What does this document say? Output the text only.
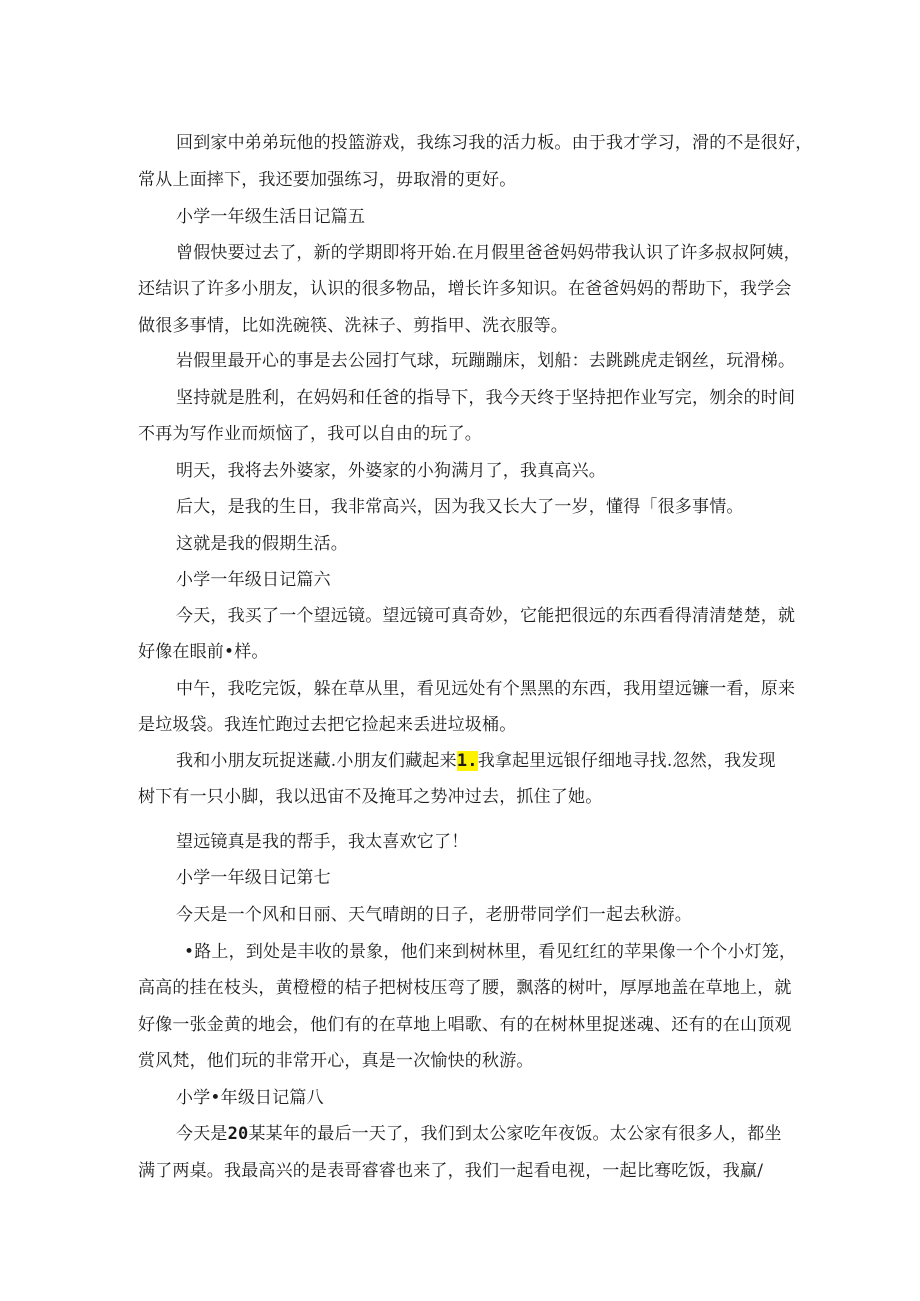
回到家中弟弟玩他的投篮游戏，我练习我的活力板。由于我才学习，滑的不是很好，
常从上面摔下，我还要加强练习，毋取滑的更好。
小学一年级生活日记篇五
曾假快要过去了，新的学期即将开始.在月假里爸爸妈妈带我认识了许多叔叔阿姨，
还结识了许多小朋友，认识的很多物品，增长许多知识。在爸爸妈妈的帮助下，我学会
做很多事情，比如洗碗筷、洗袜子、剪指甲、洗衣服等。
岩假里最开心的事是去公园打气球，玩蹦蹦床，划船：去跳跳虎走钢丝，玩滑梯。
坚持就是胜利，在妈妈和任爸的指导下，我今天终于坚持把作业写完，刎余的时间
不再为写作业而烦恼了，我可以自由的玩了。
明天，我将去外婆家，外婆家的小狗满月了，我真高兴。
后大，是我的生日，我非常高兴，因为我又长大了一岁，懂得「很多事情。
这就是我的假期生活。
小学一年级日记篇六
今天，我买了一个望远镜。望远镜可真奇妙，它能把很远的东西看得清清楚楚，就
好像在眼前•样。
中午，我吃完饭，躲在草从里，看见远处有个黑黑的东西，我用望远镰一看，原来
是垃圾袋。我连忙跑过去把它捡起来丢进垃圾桶。
我和小朋友玩捉迷藏.小朋友们藏起来1.我拿起里远银仔细地寻找.忽然，我发现
树下有一只小脚，我以迅宙不及掩耳之势冲过去，抓住了她。
望远镜真是我的帮手，我太喜欢它了！
小学一年级日记第七
今天是一个风和日丽、天气晴朗的日子，老册带同学们一起去秋游。
•路上，到处是丰收的景象，他们来到树林里，看见红红的苹果像一个个小灯笼，
高高的挂在枝头，黄橙橙的桔子把树枝压弯了腰，飘落的树叶，厚厚地盖在草地上，就
好像一张金黄的地会，他们有的在草地上唱歌、有的在树林里捉迷魂、还有的在山顶观
赏风梵，他们玩的非常开心，真是一次愉快的秋游。
小学•年级日记篇八
今天是20某某年的最后一天了，我们到太公家吃年夜饭。太公家有很多人，都坐
满了两桌。我最高兴的是表哥睿睿也来了，我们一起看电视，一起比骞吃饭，我赢/
